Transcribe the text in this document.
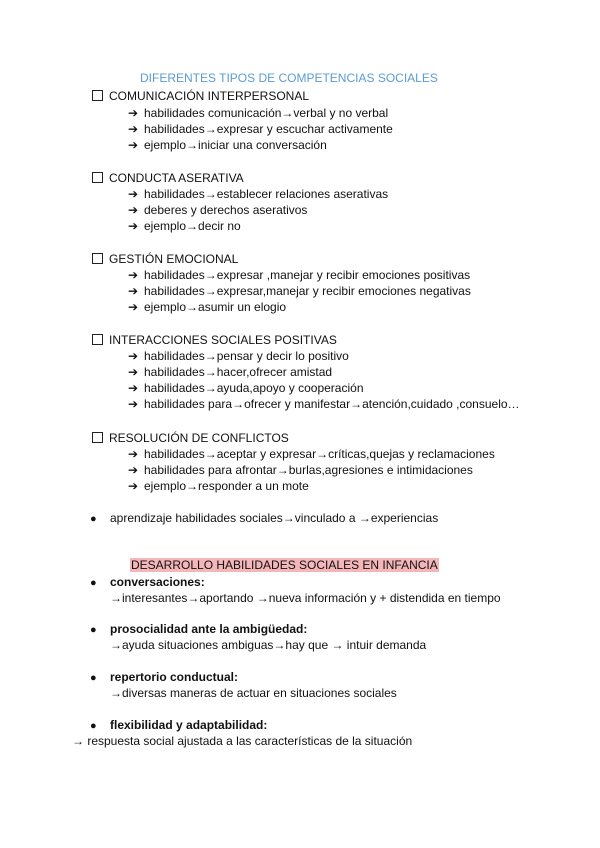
DIFERENTES TIPOS DE COMPETENCIAS SOCIALES
COMUNICACIÓN INTERPERSONAL
➔ habilidades comunicación→verbal y no verbal
➔ habilidades→expresar y escuchar activamente
➔ ejemplo→iniciar una conversación
CONDUCTA ASERATIVA
➔ habilidades→establecer relaciones aserativas
➔ deberes y derechos aserativos
➔ ejemplo→decir no
GESTIÓN EMOCIONAL
➔ habilidades→expresar ,manejar y recibir emociones positivas
➔ habilidades→expresar,manejar y recibir emociones negativas
➔ ejemplo→asumir un elogio
INTERACCIONES SOCIALES POSITIVAS
➔ habilidades→pensar y decir lo positivo
➔ habilidades→hacer,ofrecer amistad
➔ habilidades→ayuda,apoyo y cooperación
➔ habilidades para→ofrecer y manifestar→atención,cuidado ,consuelo…
RESOLUCIÓN DE CONFLICTOS
➔ habilidades→aceptar y expresar→críticas,quejas y reclamaciones
➔ habilidades para afrontar→burlas,agresiones e intimidaciones
➔ ejemplo→responder a un mote
● aprendizaje habilidades sociales→vinculado a →experiencias
DESARROLLO HABILIDADES SOCIALES EN INFANCIA
● conversaciones:
→interesantes→aportando →nueva información y + distendida en tiempo
● prosocialidad ante la ambigüedad:
→ayuda situaciones ambiguas→hay que → intuir demanda
● repertorio conductual:
→diversas maneras de actuar en situaciones sociales
● flexibilidad y adaptabilidad:
→ respuesta social ajustada a las características de la situación
